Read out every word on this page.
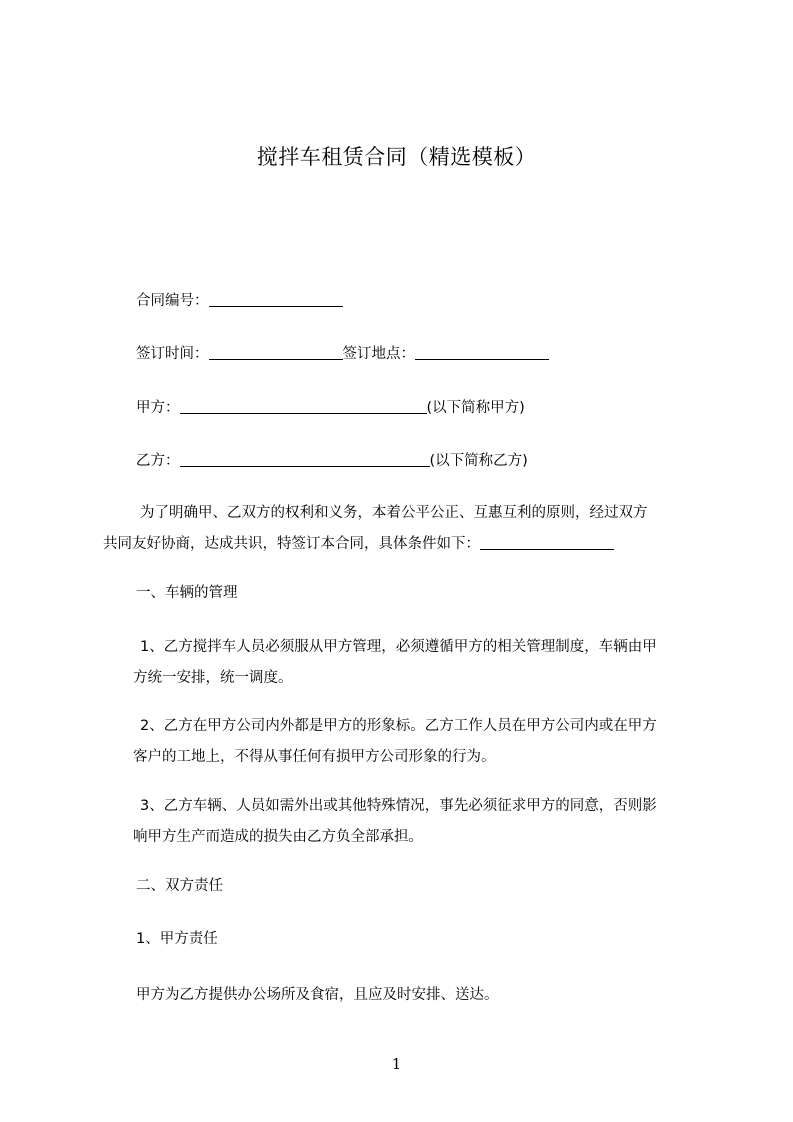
搅拌车租赁合同（精选模板）
合同编号：
签订时间：	签订地点：
甲方：	(以下简称甲方)
乙方：	(以下简称乙方)
为了明确甲、乙双方的权利和义务，本着公平公正、互惠互利的原则，经过双方
共同友好协商，达成共识，特签订本合同，具体条件如下：
一、车辆的管理
1、乙方搅拌车人员必须服从甲方管理，必须遵循甲方的相关管理制度，车辆由甲
方统一安排，统一调度。
2、乙方在甲方公司内外都是甲方的形象标。乙方工作人员在甲方公司内或在甲方
客户的工地上，不得从事任何有损甲方公司形象的行为。
3、乙方车辆、人员如需外出或其他特殊情况，事先必须征求甲方的同意，否则影
响甲方生产而造成的损失由乙方负全部承担。
二、双方责任
1、甲方责任
甲方为乙方提供办公场所及食宿，且应及时安排、送达。
1
